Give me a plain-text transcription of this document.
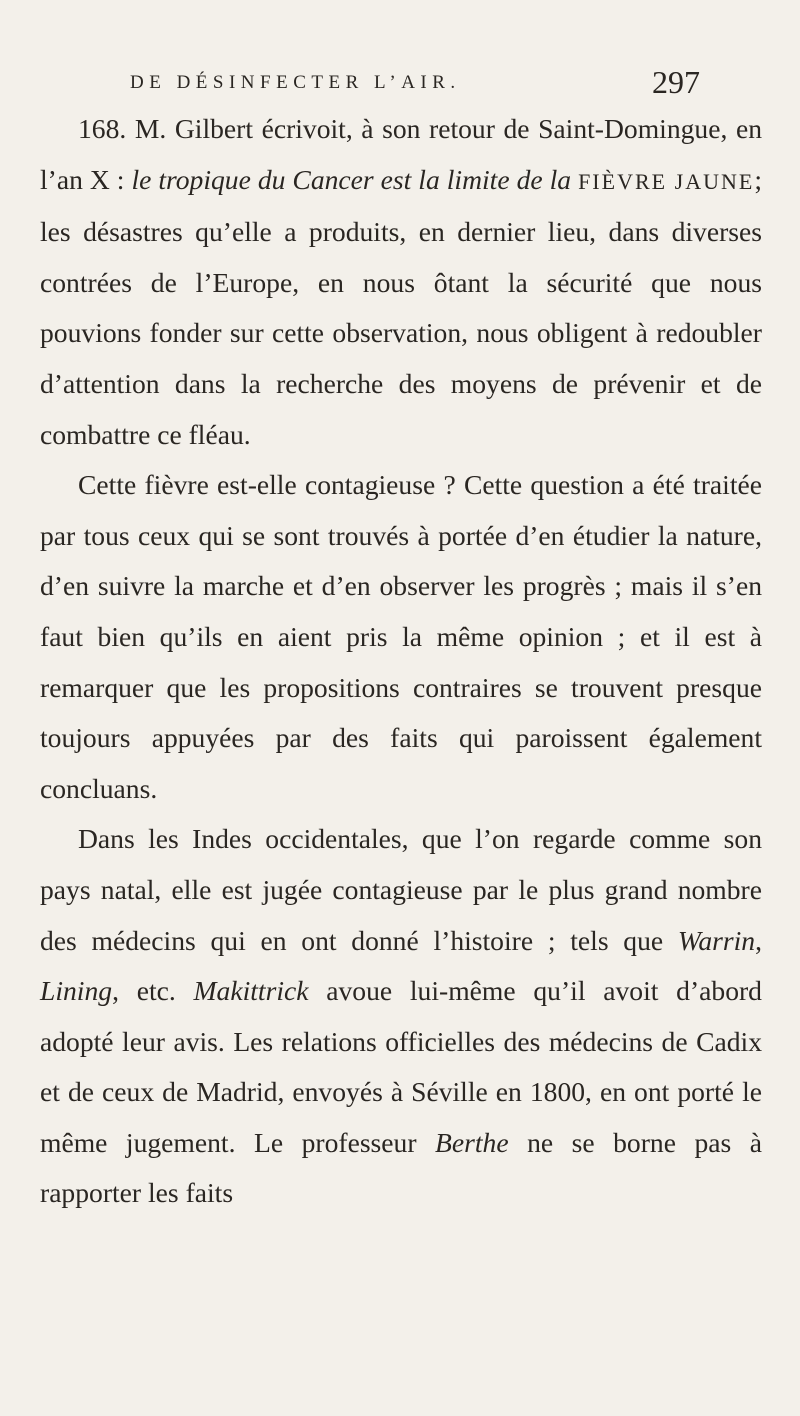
DE DÉSINFECTER L’AIR.	297

168. M. Gilbert écrivoit, à son retour de Saint-Domingue, en l’an X : le tropique du Cancer est la limite de la FIÈVRE JAUNE; les désastres qu’elle a produits, en dernier lieu, dans diverses contrées de l’Europe, en nous ôtant la sécurité que nous pouvions fonder sur cette observation, nous obligent à redoubler d’attention dans la recherche des moyens de prévenir et de combattre ce fléau.

Cette fièvre est-elle contagieuse ? Cette question a été traitée par tous ceux qui se sont trouvés à portée d’en étudier la nature, d’en suivre la marche et d’en observer les progrès ; mais il s’en faut bien qu’ils en aient pris la même opinion ; et il est à remarquer que les propositions contraires se trouvent presque toujours appuyées par des faits qui paroissent également concluans.

Dans les Indes occidentales, que l’on regarde comme son pays natal, elle est jugée contagieuse par le plus grand nombre des médecins qui en ont donné l’histoire ; tels que Warrin, Lining, etc. Makittrick avoue lui-même qu’il avoit d’abord adopté leur avis. Les relations officielles des médecins de Cadix et de ceux de Madrid, envoyés à Séville en 1800, en ont porté le même jugement. Le professeur Berthe ne se borne pas à rapporter les faits
